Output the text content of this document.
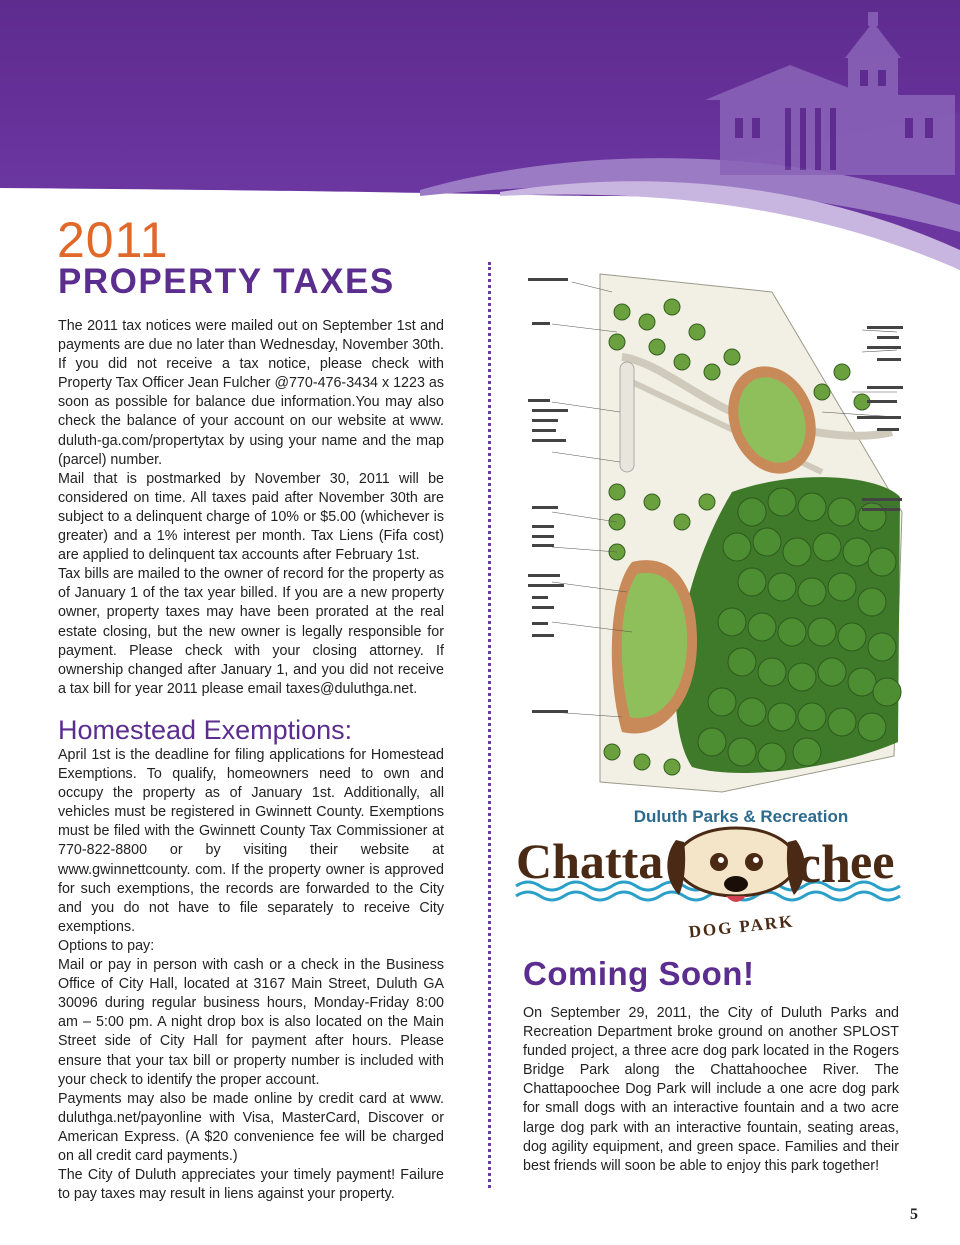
2011
PROPERTY TAXES

The 2011 tax notices were mailed out on September 1st and payments are due no later than Wednesday, November 30th. If you did not receive a tax notice, please check with Property Tax Officer Jean Fulcher @770-476-3434 x 1223 as soon as possible for balance due information.You may also check the balance of your account on our website at www. duluth-ga.com/propertytax by using your name and the map (parcel) number.

Mail that is postmarked by November 30, 2011 will be considered on time. All taxes paid after November 30th are subject to a delinquent charge of 10% or $5.00 (whichever is greater) and a 1% interest per month. Tax Liens (Fifa cost) are applied to delinquent tax accounts after February 1st.

Tax bills are mailed to the owner of record for the property as of January 1 of the tax year billed. If you are a new property owner, property taxes may have been prorated at the real estate closing, but the new owner is legally responsible for payment. Please check with your closing attorney. If ownership changed after January 1, and you did not receive a tax bill for year 2011 please email taxes@duluthga.net.

Homestead Exemptions:

April 1st is the deadline for filing applications for Homestead Exemptions. To qualify, homeowners need to own and occupy the property as of January 1st. Additionally, all vehicles must be registered in Gwinnett County. Exemptions must be filed with the Gwinnett County Tax Commissioner at 770-822-8800 or by visiting their website at www.gwinnettcounty. com. If the property owner is approved for such exemptions, the records are forwarded to the City and you do not have to file separately to receive City exemptions.

Options to pay:

Mail or pay in person with cash or a check in the Business Office of City Hall, located at 3167 Main Street, Duluth GA 30096 during regular business hours, Monday-Friday 8:00 am – 5:00 pm. A night drop box is also located on the Main Street side of City Hall for payment after hours. Please ensure that your tax bill or property number is included with your check to identify the proper account.

Payments may also be made online by credit card at www. duluthga.net/payonline with Visa, MasterCard, Discover or American Express. (A $20 convenience fee will be charged on all credit card payments.)

The City of Duluth appreciates your timely payment! Failure to pay taxes may result in liens against your property.

Duluth Parks & Recreation
Chatta c h
ee
DOG PARK
Coming Soon!

On September 29, 2011, the City of Duluth Parks and Recreation Department broke ground on another SPLOST funded project, a three acre dog park located in the Rogers Bridge Park along the Chattahoochee River. The Chattapoochee Dog Park will include a one acre dog park for small dogs with an interactive fountain and a two acre large dog park with an interactive fountain, seating areas, dog agility equipment, and green space. Families and their best friends will soon be able to enjoy this park together!

5
